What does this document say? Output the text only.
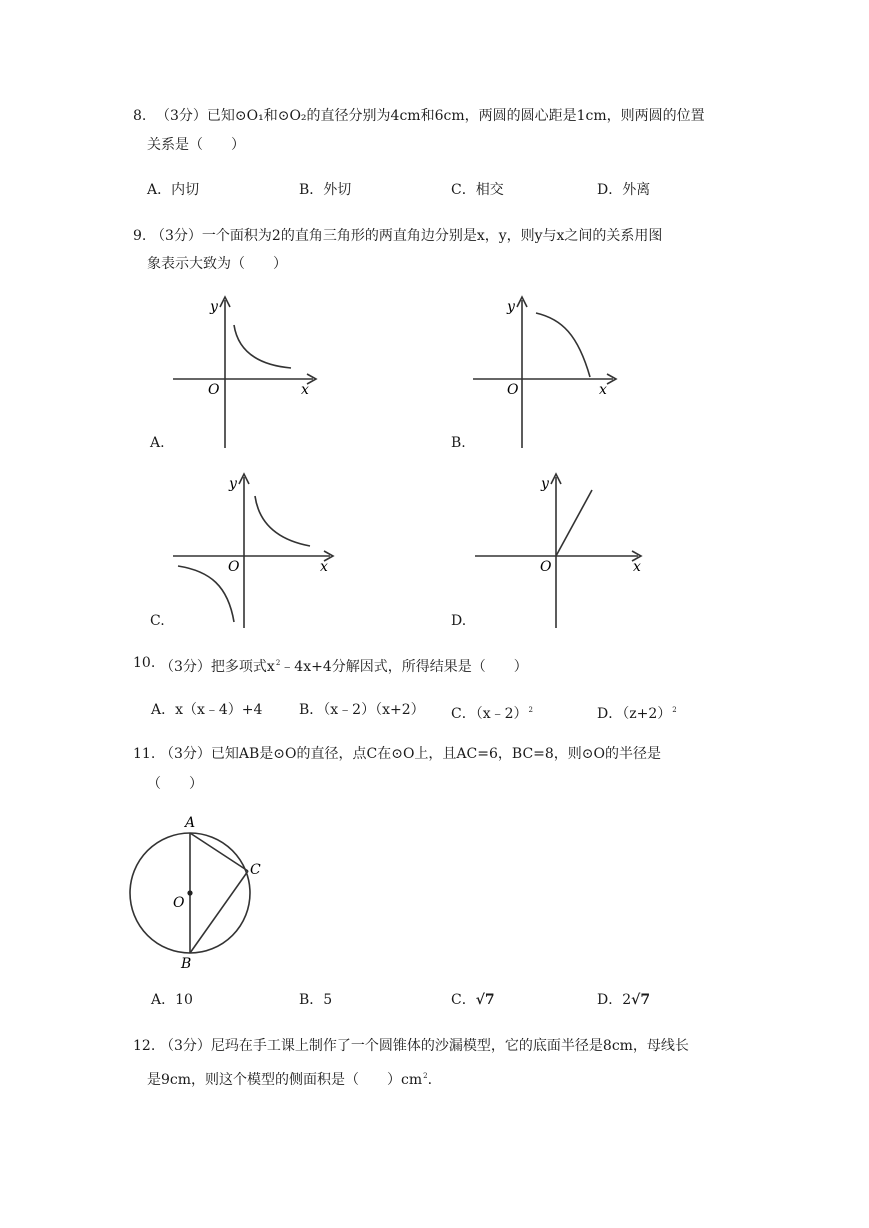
8. （3分）已知⊙O₁和⊙O₂的直径分别为4cm和6cm，两圆的圆心距是1cm，则两圆的位置
关系是（　　）
A．内切	B．外切	C．相交	D．外离
9. （3分）一个面积为2的直角三角形的两直角边分别是x，y，则y与x之间的关系用图
象表示大致为（　　）
y
O	x
A.
y
O	x
B.
y
O	x
C.
y
O	x
D.
10. （3分）把多项式$x^2﹣4x+4$分解因式，所得结果是（　　）
A．x（x﹣4）+4	B．（x﹣2）（x+2） C．（x﹣2）$^2$	D．$(z+2)^2$
11. （3分）已知AB是⊙O的直径，点C在⊙O上，且AC=6，BC=8，则⊙O的半径是
（　　）
A
C
O
B
A．10	B．5	C．√7	D．2√7
12. （3分）尼玛在手工课上制作了一个圆锥体的沙漏模型，它的底面半径是8cm，母线长
是9cm，则这个模型的侧面积是（　　）$cm^2$.
